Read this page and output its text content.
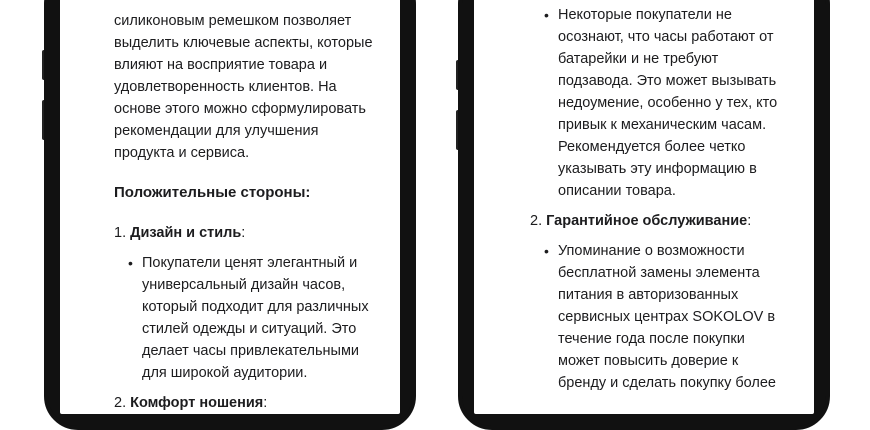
силиконовым ремешком позволяет

выделить ключевые аспекты, которые

влияют на восприятие товара и

удовлетворенность клиентов. На

основе этого можно сформулировать

рекомендации для улучшения

продукта и сервиса.

Положительные стороны:

1. Дизайн и стиль:

• Покупатели ценят элегантный и

универсальный дизайн часов,

который подходит для различных

стилей одежды и ситуаций. Это

делает часы привлекательными

для широкой аудитории.

2. Комфорт ношения:

• Некоторые покупатели не

осознают, что часы работают от

батарейки и не требуют

подзавода. Это может вызывать

недоумение, особенно у тех, кто

привык к механическим часам.

Рекомендуется более четко

указывать эту информацию в

описании товара.

2. Гарантийное обслуживание:

• Упоминание о возможности

бесплатной замены элемента

питания в авторизованных

сервисных центрах SOKOLOV в

течение года после покупки

может повысить доверие к

бренду и сделать покупку более
